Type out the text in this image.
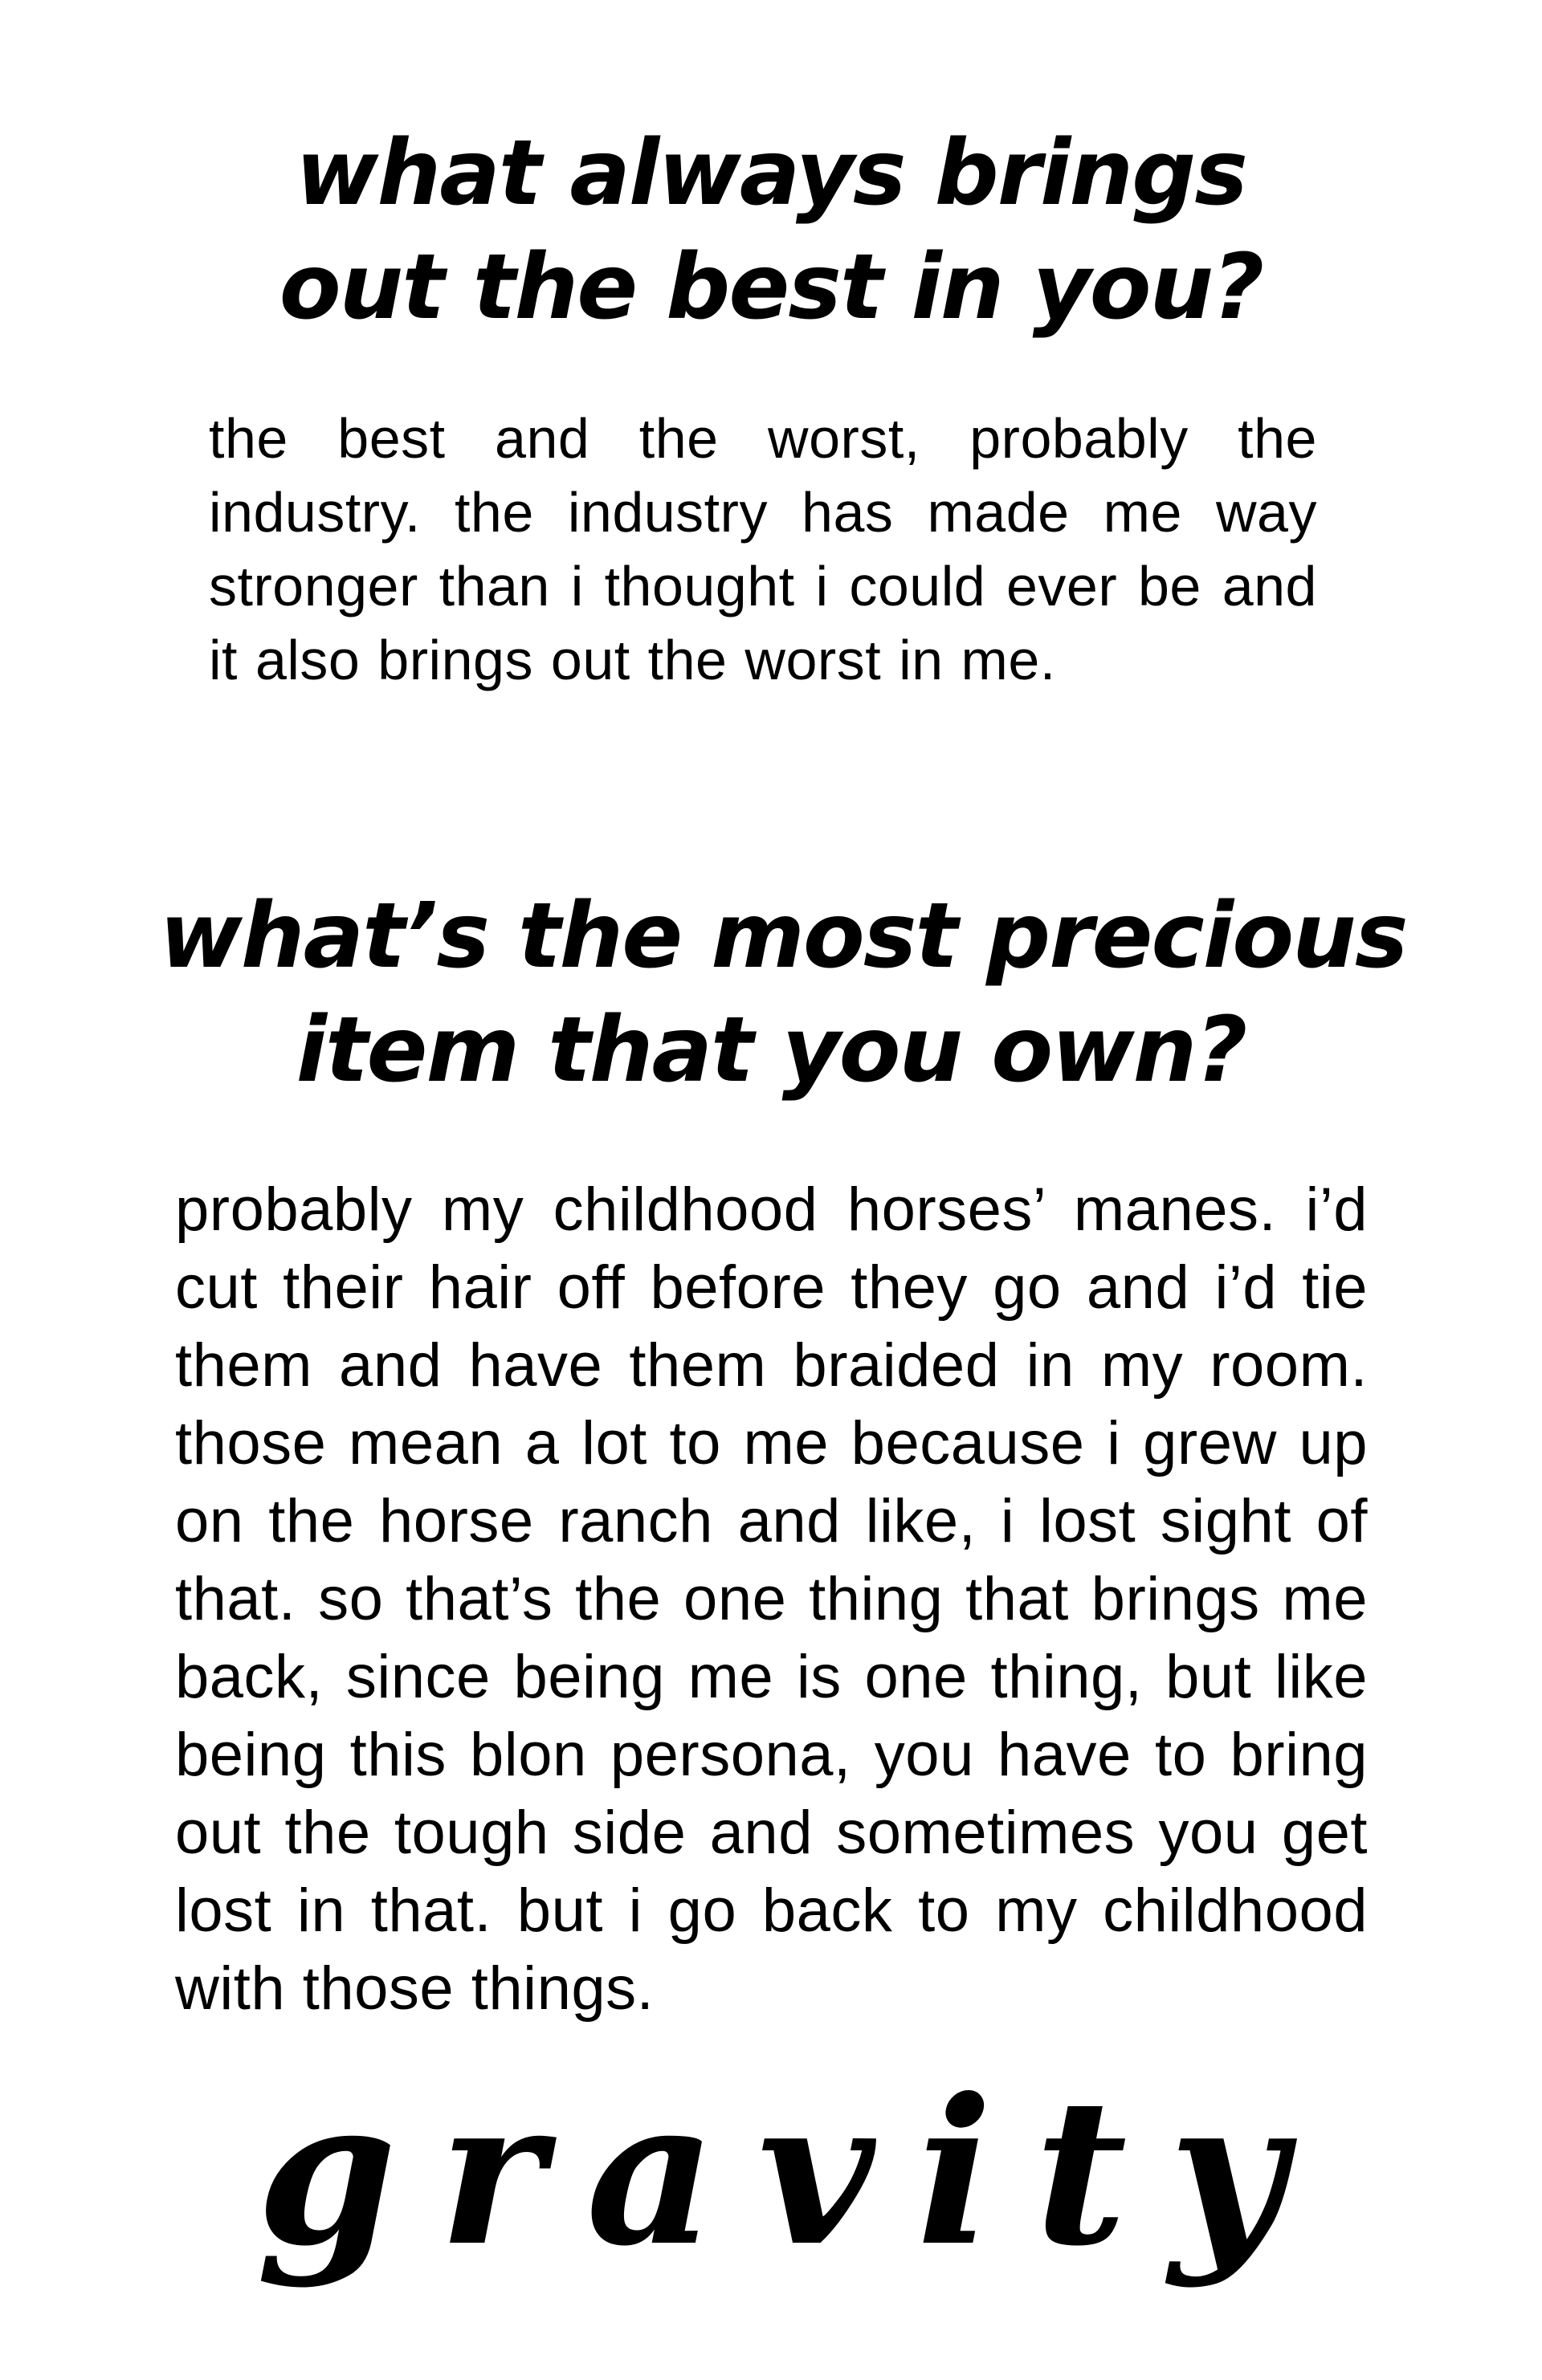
what always brings
out the best in you?

the best and the worst, probably the industry. the industry has made me way stronger than i thought i could ever be and it also brings out the worst in me.

what’s the most precious
item that you own?

probably my childhood horses’ manes. i’d cut their hair off before they go and i’d tie them and have them braided in my room. those mean a lot to me because i grew up on the horse ranch and like, i lost sight of that. so that’s the one thing that brings me back, since being me is one thing, but like being this blon persona, you have to bring out the tough side and sometimes you get lost in that. but i go back to my childhood with those things.

gravity
